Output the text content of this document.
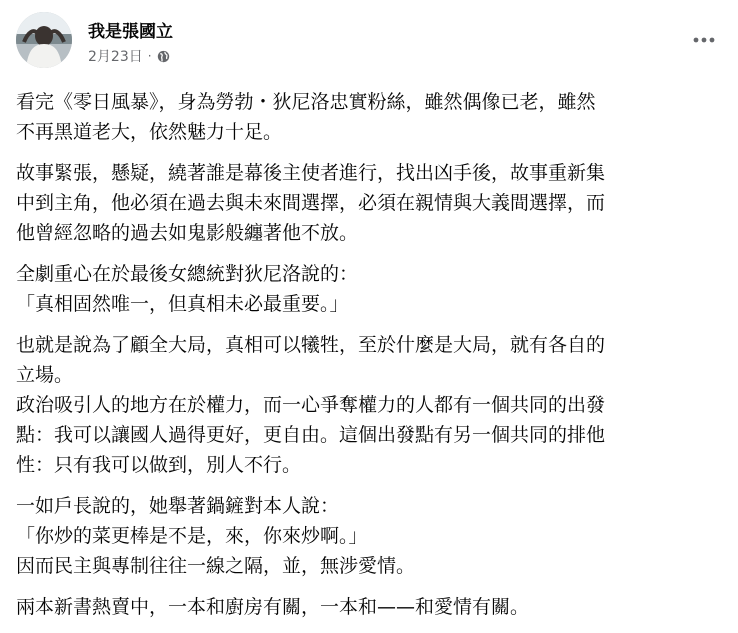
我是張國立
2月23日 ·
看完《零日風暴》，身為勞勃・狄尼洛忠實粉絲，雖然偶像已老，雖然
不再黑道老大，依然魅力十足。
故事緊張，懸疑，繞著誰是幕後主使者進行，找出凶手後，故事重新集
中到主角，他必須在過去與未來間選擇，必須在親情與大義間選擇，而
他曾經忽略的過去如鬼影般纏著他不放。
全劇重心在於最後女總統對狄尼洛說的：
「真相固然唯一，但真相未必最重要。」
也就是說為了顧全大局，真相可以犧牲，至於什麼是大局，就有各自的
立場。
政治吸引人的地方在於權力，而一心爭奪權力的人都有一個共同的出發
點：我可以讓國人過得更好，更自由。這個出發點有另一個共同的排他
性：只有我可以做到，別人不行。
一如戶長說的，她舉著鍋鏟對本人說：
「你炒的菜更棒是不是，來，你來炒啊。」
因而民主與專制往往一線之隔，並，無涉愛情。
兩本新書熱賣中，一本和廚房有關，一本和——和愛情有關。
